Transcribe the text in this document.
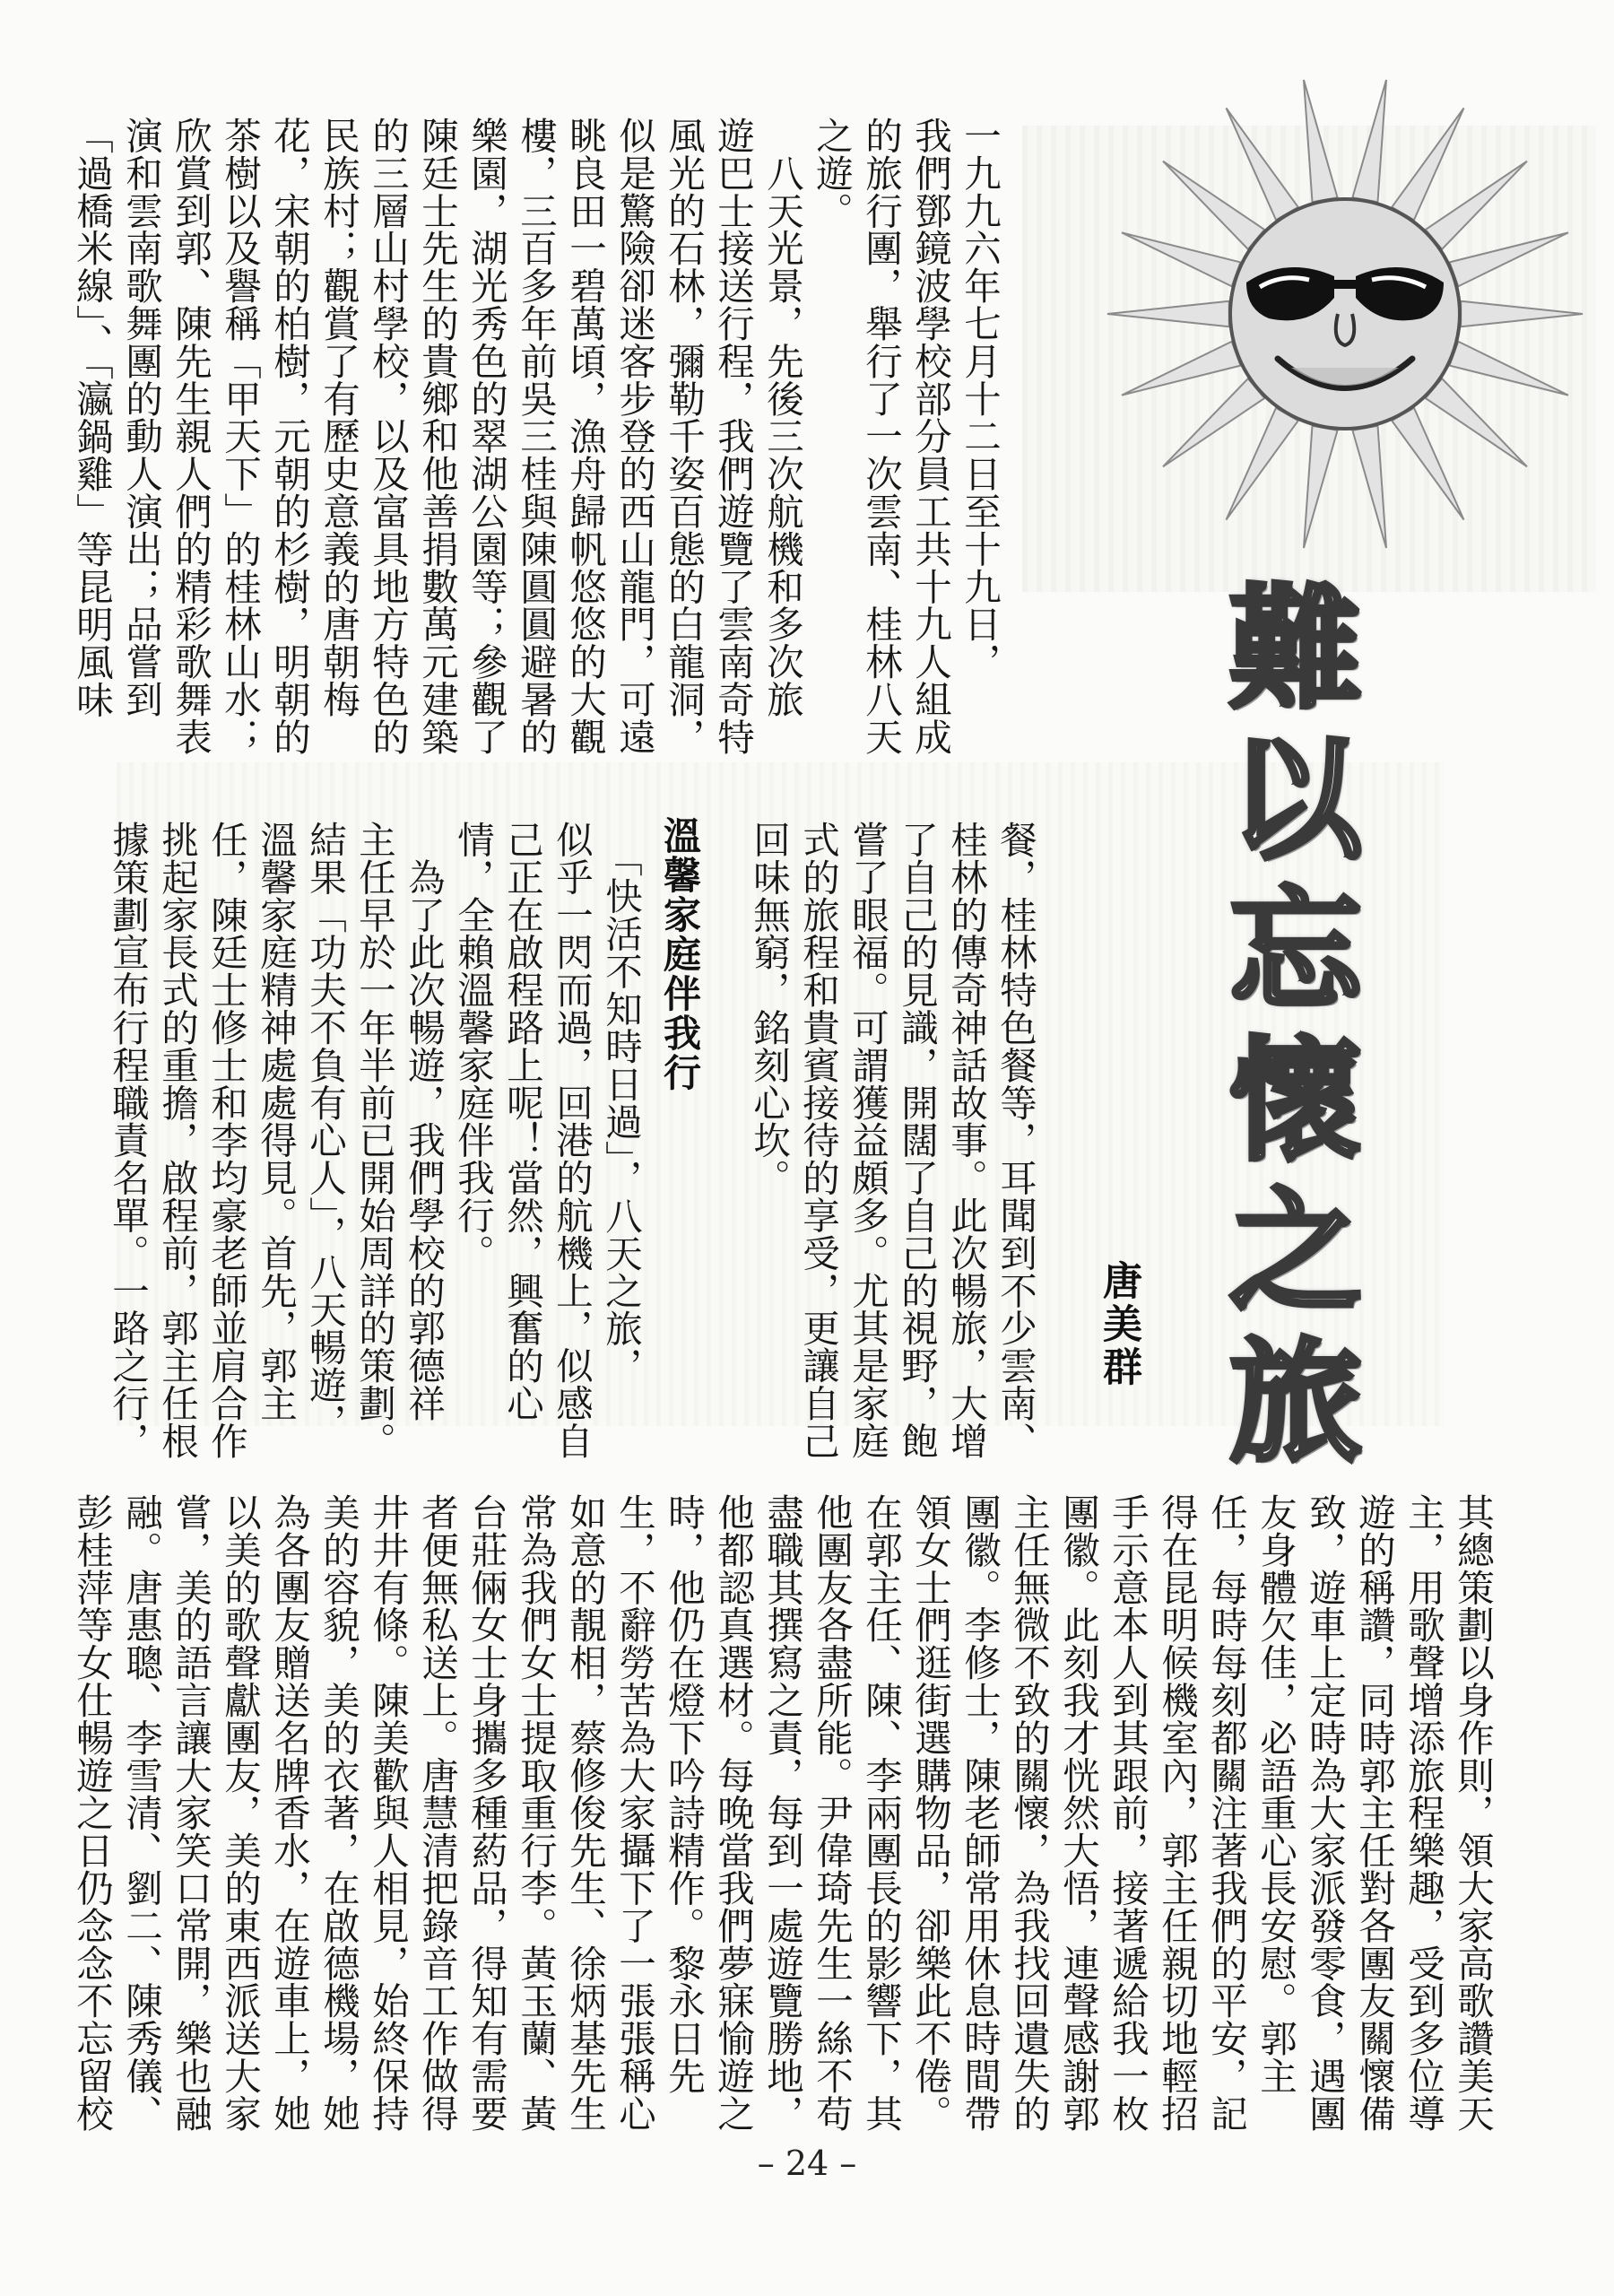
難
以
忘
懷
之
旅
唐美群
一九九六年七月十二日至十九日，
我們鄧鏡波學校部分員工共十九人組成
的旅行團，舉行了一次雲南、桂林八天
之遊。
　八天光景，先後三次航機和多次旅
遊巴士接送行程，我們遊覽了雲南奇特
風光的石林，彌勒千姿百態的白龍洞，
似是驚險卻迷客步登的西山龍門，可遠
眺良田一碧萬頃，漁舟歸帆悠悠的大觀
樓，三百多年前吳三桂與陳圓圓避暑的
樂園，湖光秀色的翠湖公園等；參觀了
陳廷士先生的貴鄉和他善捐數萬元建築
的三層山村學校，以及富具地方特色的
民族村；觀賞了有歷史意義的唐朝梅
花，宋朝的柏樹，元朝的杉樹，明朝的
茶樹以及譽稱「甲天下」的桂林山水；
欣賞到郭、陳先生親人們的精彩歌舞表
演和雲南歌舞團的動人演出；品嘗到
「過橋米線」、「瀛鍋雞」等昆明風味
溫馨家庭伴我行	餐，桂林特色餐等，耳聞到不少雲南、
桂林的傳奇神話故事。此次暢旅，大增
了自己的見識，開闊了自己的視野，飽
嘗了眼福。可謂獲益頗多。尤其是家庭
式的旅程和貴賓接待的享受，更讓自己
回味無窮，銘刻心坎。

　「快活不知時日過」，八天之旅，
似乎一閃而過，回港的航機上，似感自
己正在啟程路上呢！當然，興奮的心
情，全賴溫馨家庭伴我行。
　為了此次暢遊，我們學校的郭德祥
主任早於一年半前已開始周詳的策劃。
結果「功夫不負有心人」，八天暢遊，
溫馨家庭精神處處得見。首先，郭主
任，陳廷士修士和李均豪老師並肩合作
挑起家長式的重擔，啟程前，郭主任根
據策劃宣布行程職責名單。一路之行，
其總策劃以身作則，領大家高歌讚美天
主，用歌聲增添旅程樂趣，受到多位導
遊的稱讚，同時郭主任對各團友關懷備
致，遊車上定時為大家派發零食，遇團
友身體欠佳，必語重心長安慰。郭主
任，每時每刻都關注著我們的平安，記
得在昆明候機室內，郭主任親切地輕招
手示意本人到其跟前，接著遞給我一枚
團徽。此刻我才恍然大悟，連聲感謝郭
主任無微不致的關懷，為我找回遺失的
團徽。李修士，陳老師常用休息時間帶
領女士們逛街選購物品，卻樂此不倦。
在郭主任、陳、李兩團長的影響下，其
他團友各盡所能。尹偉琦先生一絲不苟
盡職其撰寫之責，每到一處遊覽勝地，
他都認真選材。每晚當我們夢寐愉遊之
時，他仍在燈下吟詩精作。黎永日先
生，不辭勞苦為大家攝下了一張張稱心
如意的靚相，蔡修俊先生、徐炳基先生
常為我們女士提取重行李。黃玉蘭、黃
台莊倆女士身攜多種葯品，得知有需要
者便無私送上。唐慧清把錄音工作做得
井井有條。陳美歡與人相見，始終保持
美的容貌，美的衣著，在啟德機場，她
為各團友贈送名牌香水，在遊車上，她
以美的歌聲獻團友，美的東西派送大家
嘗，美的語言讓大家笑口常開，樂也融
融。唐惠聰、李雪清、劉二、陳秀儀、
彭桂萍等女仕暢遊之日仍念念不忘留校
– 24 –
